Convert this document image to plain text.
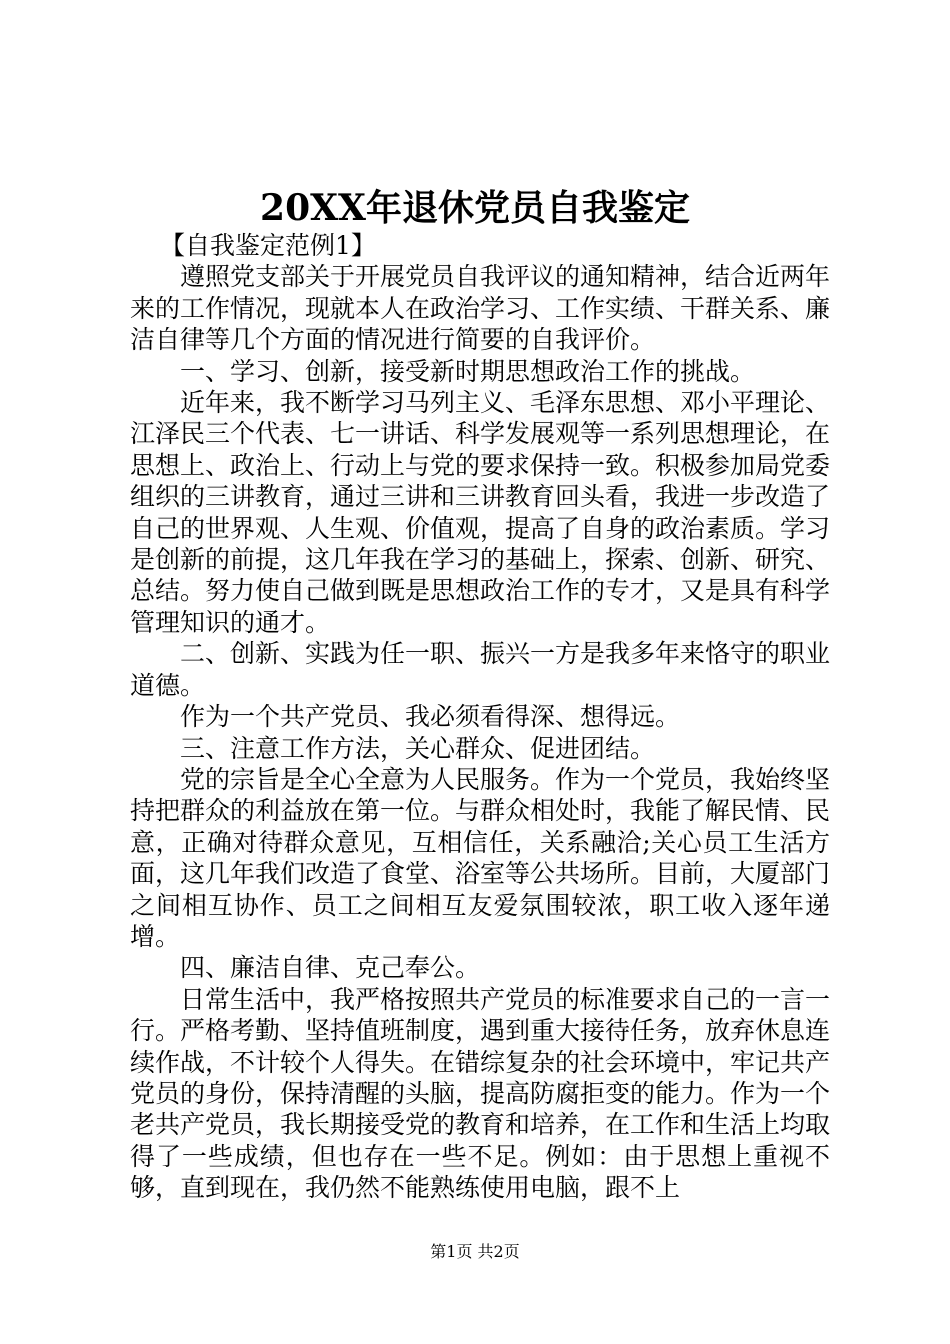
20XX年退休党员自我鉴定

【自我鉴定范例1】

遵照党支部关于开展党员自我评议的通知精神，结合近两年来的工作情况，现就本人在政治学习、工作实绩、干群关系、廉洁自律等几个方面的情况进行简要的自我评价。

一、学习、创新，接受新时期思想政治工作的挑战。

近年来，我不断学习马列主义、毛泽东思想、邓小平理论、江泽民三个代表、七一讲话、科学发展观等一系列思想理论，在思想上、政治上、行动上与党的要求保持一致。积极参加局党委组织的三讲教育，通过三讲和三讲教育回头看，我进一步改造了自己的世界观、人生观、价值观，提高了自身的政治素质。学习是创新的前提，这几年我在学习的基础上，探索、创新、研究、总结。努力使自己做到既是思想政治工作的专才，又是具有科学管理知识的通才。

二、创新、实践为任一职、振兴一方是我多年来恪守的职业道德。

作为一个共产党员、我必须看得深、想得远。

三、注意工作方法，关心群众、促进团结。

党的宗旨是全心全意为人民服务。作为一个党员，我始终坚持把群众的利益放在第一位。与群众相处时，我能了解民情、民意，正确对待群众意见，互相信任，关系融洽;关心员工生活方面，这几年我们改造了食堂、浴室等公共场所。目前，大厦部门之间相互协作、员工之间相互友爱氛围较浓，职工收入逐年递增。

四、廉洁自律、克己奉公。

日常生活中，我严格按照共产党员的标准要求自己的一言一行。严格考勤、坚持值班制度，遇到重大接待任务，放弃休息连续作战，不计较个人得失。在错综复杂的社会环境中，牢记共产党员的身份，保持清醒的头脑，提高防腐拒变的能力。作为一个老共产党员，我长期接受党的教育和培养，在工作和生活上均取得了一些成绩，但也存在一些不足。例如：由于思想上重视不够，直到现在，我仍然不能熟练使用电脑，跟不上

第1页 共2页
